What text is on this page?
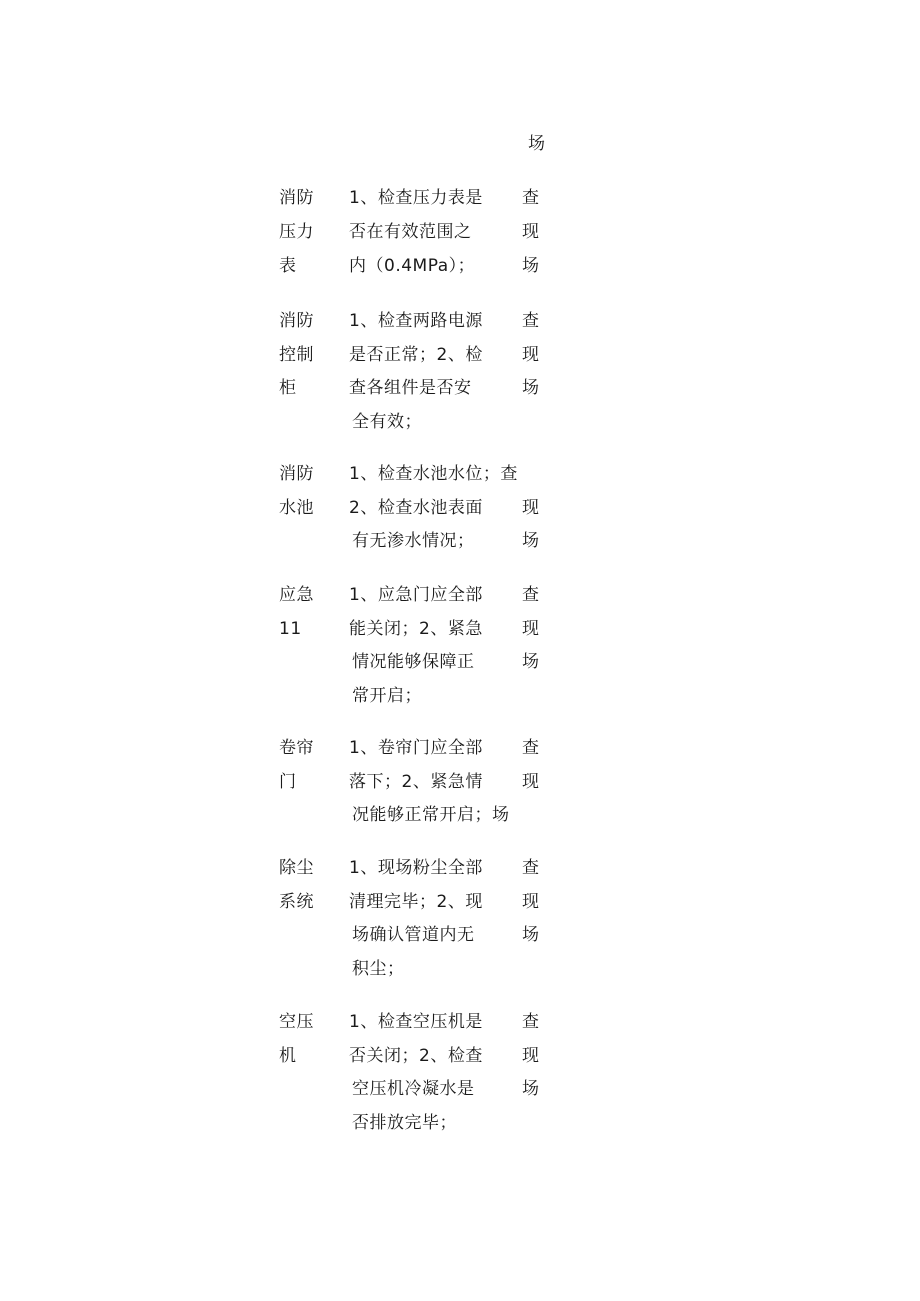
场
消防
压力
表
1、检查压力表是
否在有效范围之
内（0.4MPa）；
查
现
场
消防
控制
柜
1、检查两路电源
是否正常；2、检
查各组件是否安
全有效；
查
现
场
消防
水池
1、检查水池水位；查
2、检查水池表面
有无渗水情况；
现
场
应急
11
1、应急门应全部
能关闭；2、紧急
情况能够保障正
常开启；
查
现
场
卷帘
门
1、卷帘门应全部
落下；2、紧急情
况能够正常开启；场
查
现
除尘
系统
1、现场粉尘全部
清理完毕；2、现
场确认管道内无
积尘；
查
现
场
空压
机
1、检查空压机是
否关闭；2、检查
空压机冷凝水是
否排放完毕；
查
现
场
